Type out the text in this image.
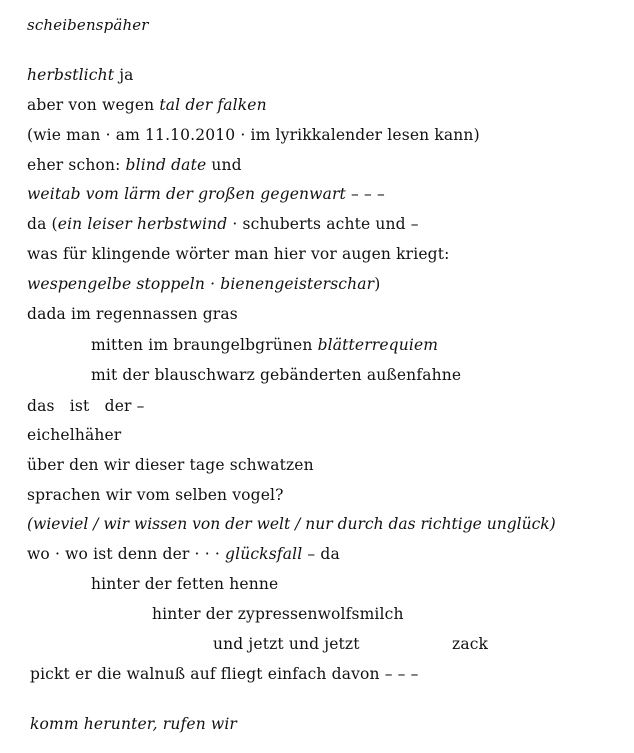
scheibenspäher
herbstlicht ja
aber von wegen tal der falken
(wie man · am 11.10.2010 · im lyrikkalender lesen kann)
eher schon: blind date und
weitab vom lärm der großen gegenwart – – –
da (ein leiser herbstwind · schuberts achte und –
was für klingende wörter man hier vor augen kriegt:
wespengelbe stoppeln · bienengeisterschar)
dada im regennassen gras
mitten im braungelbgrünen blätterrequiem
mit der blauschwarz gebänderten außenfahne
das   ist   der –
eichelhäher
über den wir dieser tage schwatzen
sprachen wir vom selben vogel?
(wieviel / wir wissen von der welt / nur durch das richtige unglück)
wo · wo ist denn der · · · glücksfall – da
hinter der fetten henne
hinter der zypressenwolfsmilch
und jetzt und jetzt	zack
pickt er die walnuß auf fliegt einfach davon – – –
komm herunter, rufen wir
